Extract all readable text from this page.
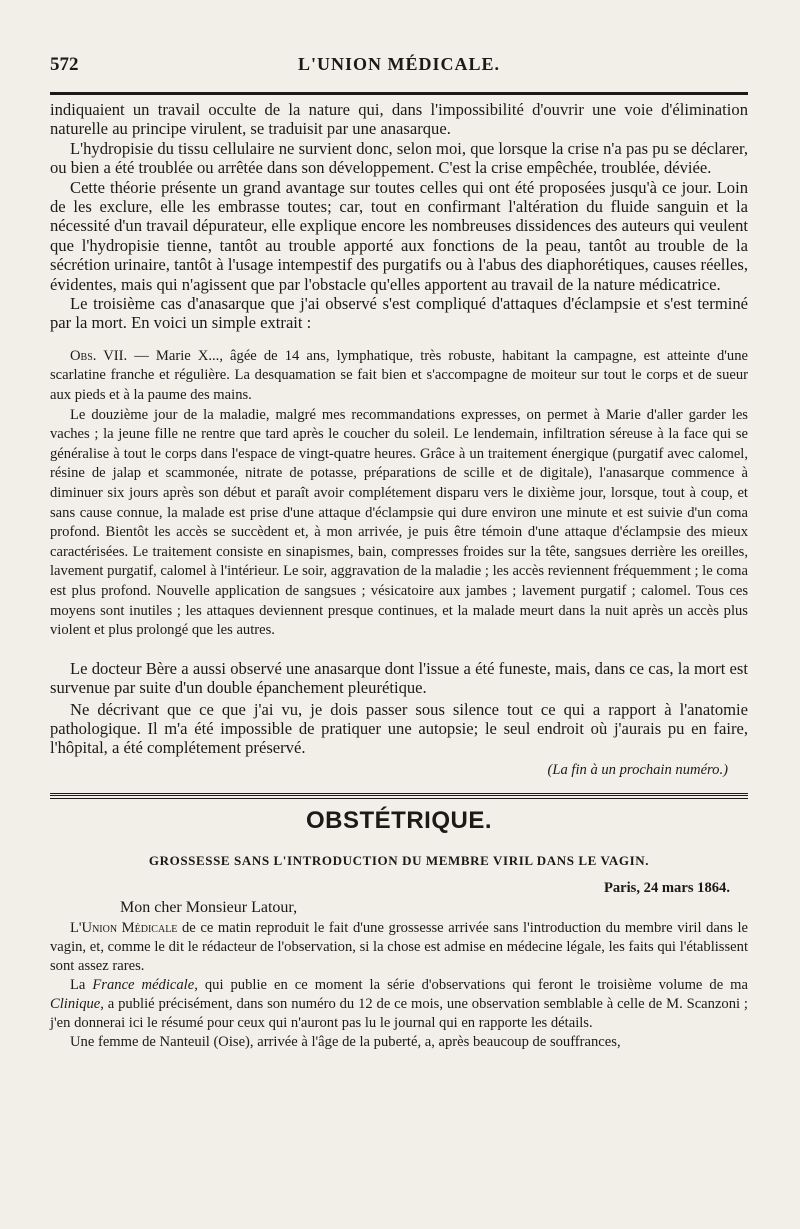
572	L'UNION MÉDICALE.

indiquaient un travail occulte de la nature qui, dans l'impossibilité d'ouvrir une voie d'élimination naturelle au principe virulent, se traduisit par une anasarque.

L'hydropisie du tissu cellulaire ne survient donc, selon moi, que lorsque la crise n'a pas pu se déclarer, ou bien a été troublée ou arrêtée dans son développement. C'est la crise empêchée, troublée, déviée.

Cette théorie présente un grand avantage sur toutes celles qui ont été proposées jusqu'à ce jour. Loin de les exclure, elle les embrasse toutes; car, tout en confirmant l'altération du fluide sanguin et la nécessité d'un travail dépurateur, elle explique encore les nombreuses dissidences des auteurs qui veulent que l'hydropisie tienne, tantôt au trouble apporté aux fonctions de la peau, tantôt au trouble de la sécrétion urinaire, tantôt à l'usage intempestif des purgatifs ou à l'abus des diaphorétiques, causes réelles, évidentes, mais qui n'agissent que par l'obstacle qu'elles apportent au travail de la nature médicatrice.

Le troisième cas d'anasarque que j'ai observé s'est compliqué d'attaques d'éclampsie et s'est terminé par la mort. En voici un simple extrait :

Obs. VII. — Marie X..., âgée de 14 ans, lymphatique, très robuste, habitant la campagne, est atteinte d'une scarlatine franche et régulière. La desquamation se fait bien et s'accompagne de moiteur sur tout le corps et de sueur aux pieds et à la paume des mains.

Le douzième jour de la maladie, malgré mes recommandations expresses, on permet à Marie d'aller garder les vaches ; la jeune fille ne rentre que tard après le coucher du soleil. Le lendemain, infiltration séreuse à la face qui se généralise à tout le corps dans l'espace de vingt-quatre heures. Grâce à un traitement énergique (purgatif avec calomel, résine de jalap et scammonée, nitrate de potasse, préparations de scille et de digitale), l'anasarque commence à diminuer six jours après son début et paraît avoir complétement disparu vers le dixième jour, lorsque, tout à coup, et sans cause connue, la malade est prise d'une attaque d'éclampsie qui dure environ une minute et est suivie d'un coma profond. Bientôt les accès se succèdent et, à mon arrivée, je puis être témoin d'une attaque d'éclampsie des mieux caractérisées. Le traitement consiste en sinapismes, bain, compresses froides sur la tête, sangsues derrière les oreilles, lavement purgatif, calomel à l'intérieur. Le soir, aggravation de la maladie ; les accès reviennent fréquemment ; le coma est plus profond. Nouvelle application de sangsues ; vésicatoire aux jambes ; lavement purgatif ; calomel. Tous ces moyens sont inutiles ; les attaques deviennent presque continues, et la malade meurt dans la nuit après un accès plus violent et plus prolongé que les autres.

Le docteur Bère a aussi observé une anasarque dont l'issue a été funeste, mais, dans ce cas, la mort est survenue par suite d'un double épanchement pleurétique.

Ne décrivant que ce que j'ai vu, je dois passer sous silence tout ce qui a rapport à l'anatomie pathologique. Il m'a été impossible de pratiquer une autopsie; le seul endroit où j'aurais pu en faire, l'hôpital, a été complétement préservé.

(La fin à un prochain numéro.)
OBSTÉTRIQUE.
GROSSESSE SANS L'INTRODUCTION DU MEMBRE VIRIL DANS LE VAGIN.
Paris, 24 mars 1864.
Mon cher Monsieur Latour,

L'Union Médicale de ce matin reproduit le fait d'une grossesse arrivée sans l'introduction du membre viril dans le vagin, et, comme le dit le rédacteur de l'observation, si la chose est admise en médecine légale, les faits qui l'établissent sont assez rares.

La France médicale, qui publie en ce moment la série d'observations qui feront le troisième volume de ma Clinique, a publié précisément, dans son numéro du 12 de ce mois, une observation semblable à celle de M. Scanzoni ; j'en donnerai ici le résumé pour ceux qui n'auront pas lu le journal qui en rapporte les détails.

Une femme de Nanteuil (Oise), arrivée à l'âge de la puberté, a, après beaucoup de souffrances,
